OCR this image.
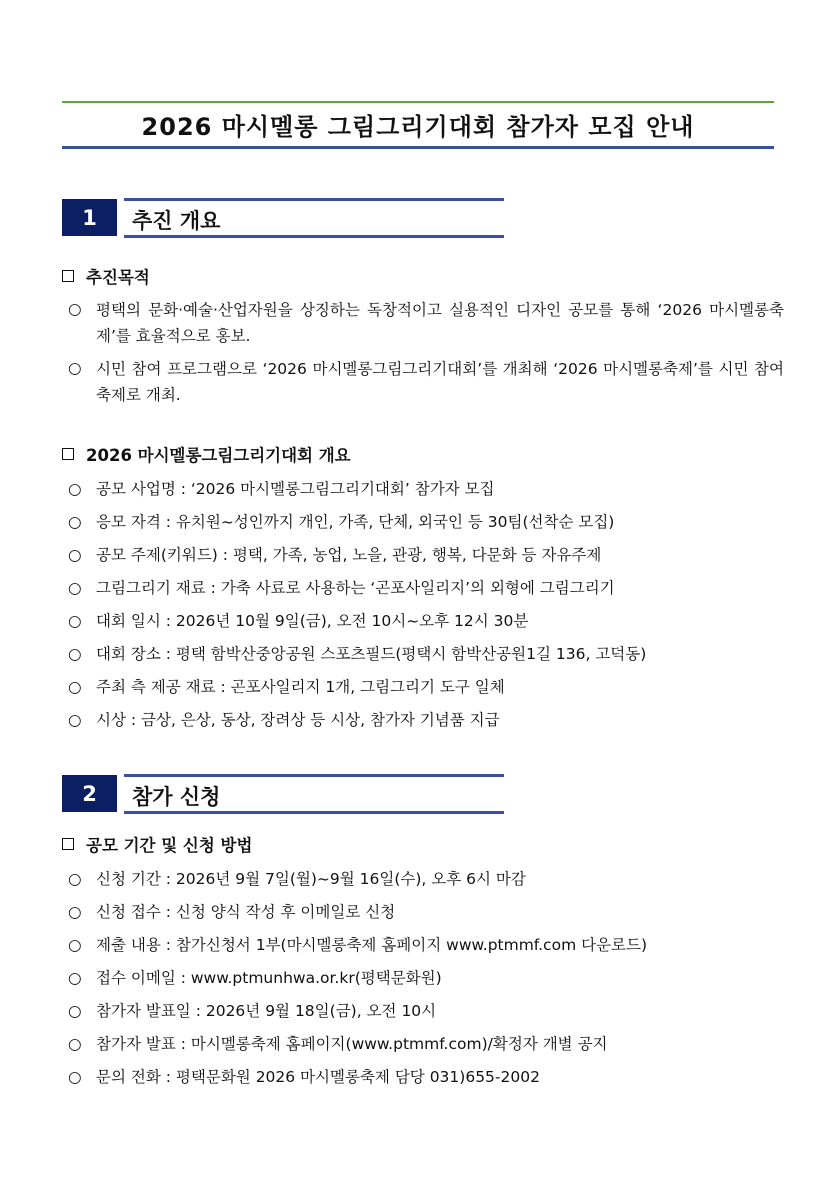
2026 마시멜롱 그림그리기대회 참가자 모집 안내
1	추진 개요
추진목적
○ 평택의 문화·예술·산업자원을 상징하는 독창적이고 실용적인 디자인 공모를 통해 ‘2026 마시멜롱축제’를 효율적으로 홍보.
○ 시민 참여 프로그램으로 ‘2026 마시멜롱그림그리기대회’를 개최해 ‘2026 마시멜롱축제’를 시민 참여 축제로 개최.
2026 마시멜롱그림그리기대회 개요
○ 공모 사업명 : ‘2026 마시멜롱그림그리기대회’ 참가자 모집
○ 응모 자격 : 유치원~성인까지 개인, 가족, 단체, 외국인 등 30팀(선착순 모집)
○ 공모 주제(키워드) : 평택, 가족, 농업, 노을, 관광, 행복, 다문화 등 자유주제
○ 그림그리기 재료 : 가축 사료로 사용하는 ‘곤포사일리지’의 외형에 그림그리기
○ 대회 일시 : 2026년 10월 9일(금), 오전 10시~오후 12시 30분
○ 대회 장소 : 평택 함박산중앙공원 스포츠필드(평택시 함박산공원1길 136, 고덕동)
○ 주최 측 제공 재료 : 곤포사일리지 1개, 그림그리기 도구 일체
○ 시상 : 금상, 은상, 동상, 장려상 등 시상, 참가자 기념품 지급
2	참가 신청
공모 기간 및 신청 방법
○ 신청 기간 : 2026년 9월 7일(월)~9월 16일(수), 오후 6시 마감
○ 신청 접수 : 신청 양식 작성 후 이메일로 신청
○ 제출 내용 : 참가신청서 1부(마시멜롱축제 홈페이지 www.ptmmf.com 다운로드)
○ 접수 이메일 : www.ptmunhwa.or.kr(평택문화원)
○ 참가자 발표일 : 2026년 9월 18일(금), 오전 10시
○ 참가자 발표 : 마시멜롱축제 홈페이지(www.ptmmf.com)/확정자 개별 공지
○ 문의 전화 : 평택문화원 2026 마시멜롱축제 담당 031)655-2002
